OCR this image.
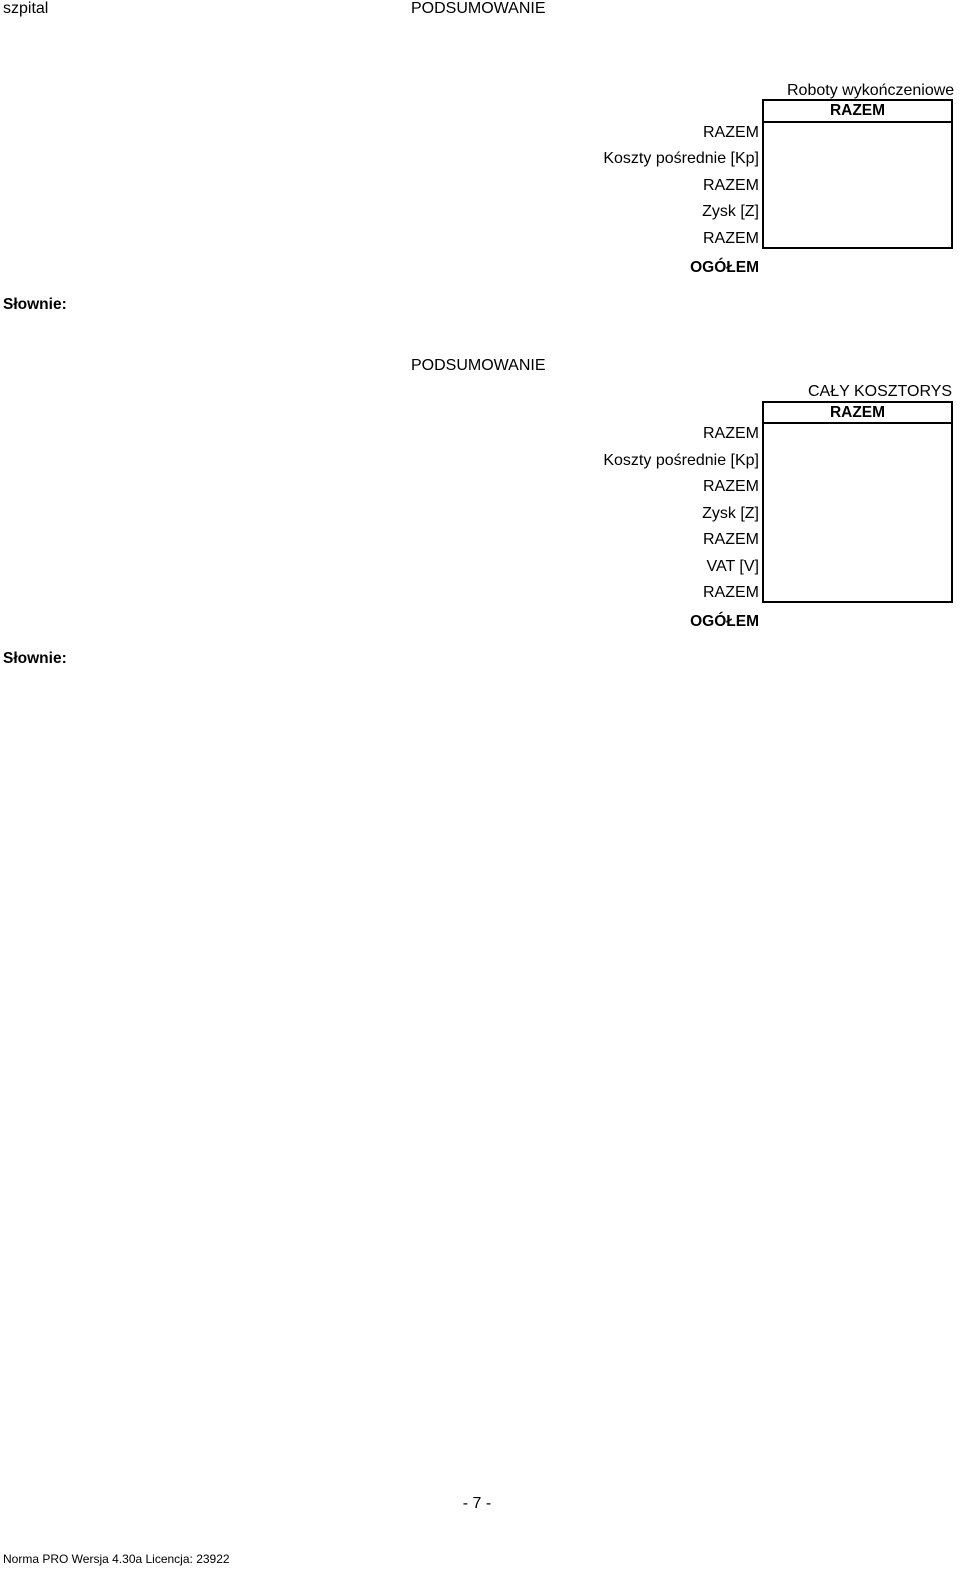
szpital	PODSUMOWANIE
Roboty wykończeniowe
RAZEM
RAZEM
Koszty pośrednie [Kp]
RAZEM
Zysk [Z]
RAZEM
OGÓŁEM
Słownie:
PODSUMOWANIE
CAŁY KOSZTORYS
RAZEM
RAZEM
Koszty pośrednie [Kp]
RAZEM
Zysk [Z]
RAZEM
VAT [V]
RAZEM
OGÓŁEM
Słownie:
- 7 -
Norma PRO Wersja 4.30a Licencja: 23922
